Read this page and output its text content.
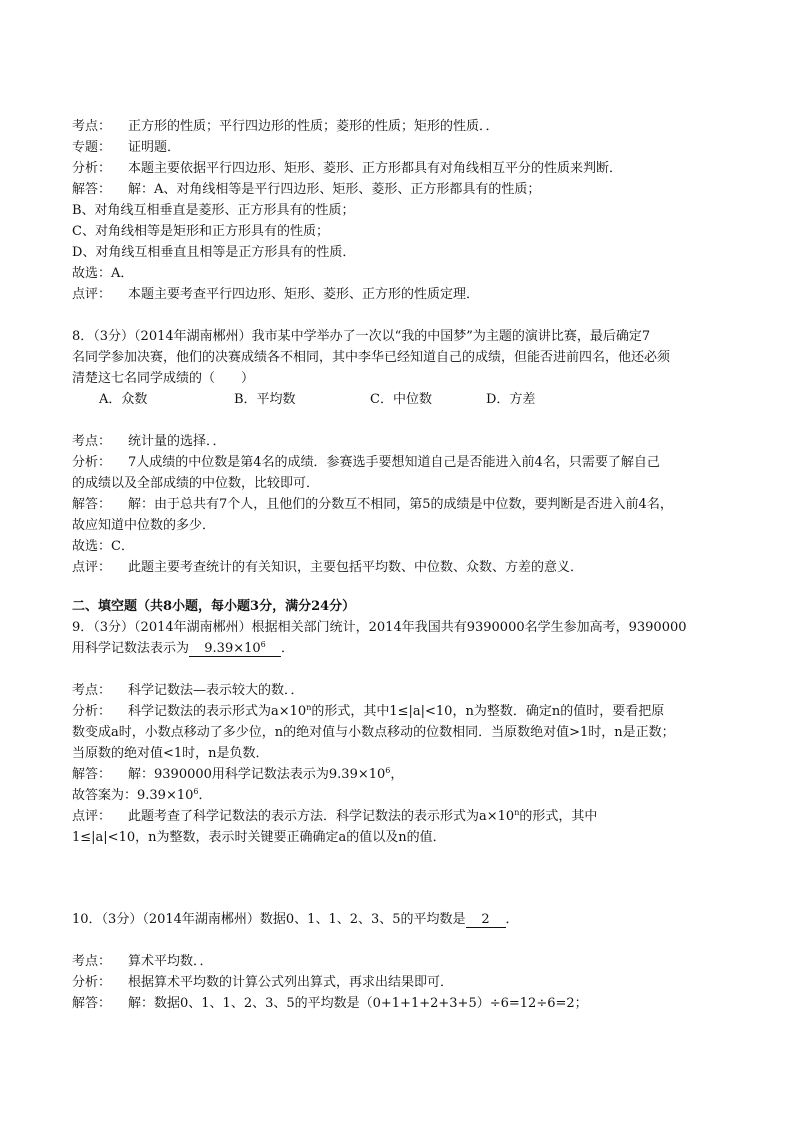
考点： 正方形的性质；平行四边形的性质；菱形的性质；矩形的性质．．
专题： 证明题．
分析： 本题主要依据平行四边形、矩形、菱形、正方形都具有对角线相互平分的性质来判断．
解答： 解：A、对角线相等是平行四边形、矩形、菱形、正方形都具有的性质；
B、对角线互相垂直是菱形、正方形具有的性质；
C、对角线相等是矩形和正方形具有的性质；
D、对角线互相垂直且相等是正方形具有的性质．
故选：A．
点评： 本题主要考查平行四边形、矩形、菱形、正方形的性质定理．
8．（3分）（2014年湖南郴州）我市某中学举办了一次以“我的中国梦”为主题的演讲比赛，最后确定7
名同学参加决赛，他们的决赛成绩各不相同，其中李华已经知道自己的成绩，但能否进前四名，他还必须
清楚这七名同学成绩的（　　）
A．众数	B．平均数	C．中位数	D．方差
考点： 统计量的选择．．
分析： 7人成绩的中位数是第4名的成绩．参赛选手要想知道自己是否能进入前4名，只需要了解自己
的成绩以及全部成绩的中位数，比较即可．
解答： 解：由于总共有7个人，且他们的分数互不相同，第5的成绩是中位数，要判断是否进入前4名，
故应知道中位数的多少．
故选：C．
点评： 此题主要考查统计的有关知识，主要包括平均数、中位数、众数、方差的意义．
二、填空题（共8小题，每小题3分，满分24分）
9．（3分）（2014年湖南郴州）根据相关部门统计，2014年我国共有9390000名学生参加高考，9390000
用科学记数法表示为 $9.39\times 10^6$ ．
考点： 科学记数法—表示较大的数．．
分析： 科学记数法的表示形式为$a\times 10^n$的形式，其中1≤|a|<10，n为整数．确定n的值时，要看把原
数变成a时，小数点移动了多少位，n的绝对值与小数点移动的位数相同．当原数绝对值>1时，n是正数；
当原数的绝对值<1时，n是负数．
解答： 解：9390000用科学记数法表示为$9.39\times 10^6$，
故答案为：$9.39\times 10^6$．
点评： 此题考查了科学记数法的表示方法．科学记数法的表示形式为$a\times 10^n$的形式，其中
1≤|a|<10，n为整数，表示时关键要正确确定a的值以及n的值．
10．（3分）（2014年湖南郴州）数据0、1、1、2、3、5的平均数是 2 ．
考点： 算术平均数．．
分析： 根据算术平均数的计算公式列出算式，再求出结果即可．
解答： 解：数据0、1、1、2、3、5的平均数是（0+1+1+2+3+5）÷6=12÷6=2；
